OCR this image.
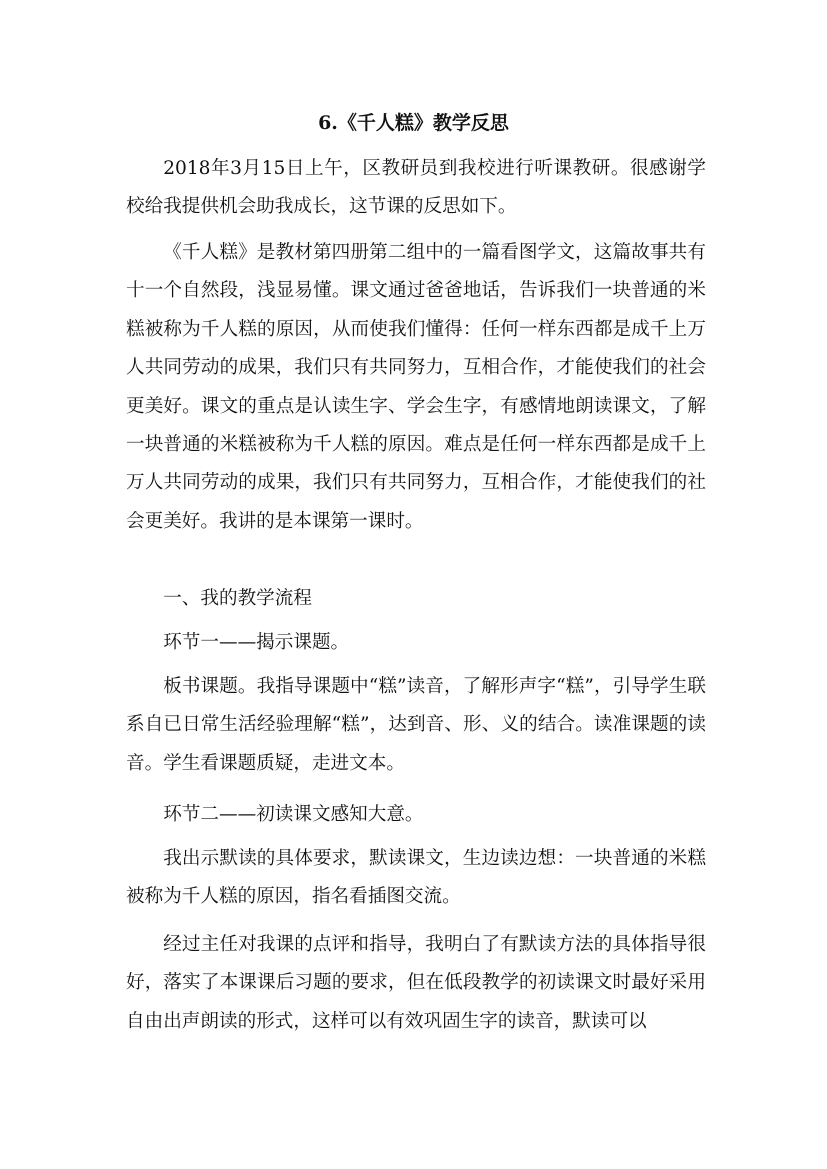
6.《千人糕》教学反思

2018年3月15日上午，区教研员到我校进行听课教研。很感谢学校给我提供机会助我成长，这节课的反思如下。

《千人糕》是教材第四册第二组中的一篇看图学文，这篇故事共有十一个自然段，浅显易懂。课文通过爸爸地话，告诉我们一块普通的米糕被称为千人糕的原因，从而使我们懂得：任何一样东西都是成千上万人共同劳动的成果，我们只有共同努力，互相合作，才能使我们的社会更美好。课文的重点是认读生字、学会生字，有感情地朗读课文，了解一块普通的米糕被称为千人糕的原因。难点是任何一样东西都是成千上万人共同劳动的成果，我们只有共同努力，互相合作，才能使我们的社会更美好。我讲的是本课第一课时。

一、我的教学流程

环节一——揭示课题。

板书课题。我指导课题中“糕”读音，了解形声字“糕”，引导学生联系自已日常生活经验理解“糕”，达到音、形、义的结合。读准课题的读音。学生看课题质疑，走进文本。

环节二——初读课文感知大意。

我出示默读的具体要求，默读课文，生边读边想：一块普通的米糕被称为千人糕的原因，指名看插图交流。

经过主任对我课的点评和指导，我明白了有默读方法的具体指导很好，落实了本课课后习题的要求，但在低段教学的初读课文时最好采用自由出声朗读的形式，这样可以有效巩固生字的读音，默读可以
